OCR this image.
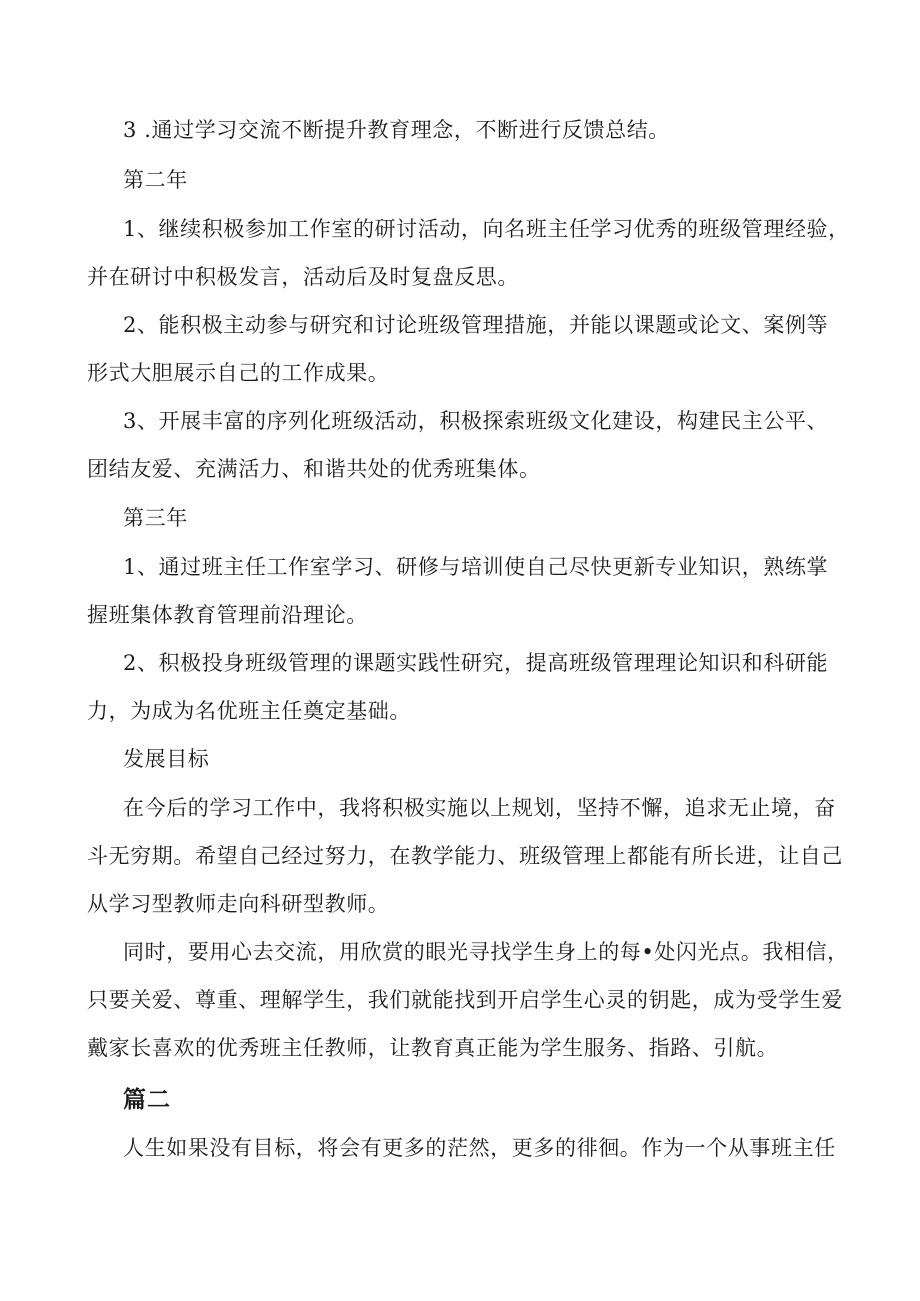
3 .通过学习交流不断提升教育理念，不断进行反馈总结。

第二年

1、继续积极参加工作室的研讨活动，向名班主任学习优秀的班级管理经验，
并在研讨中积极发言，活动后及时复盘反思。

2、能积极主动参与研究和讨论班级管理措施，并能以课题或论文、案例等
形式大胆展示自己的工作成果。

3、开展丰富的序列化班级活动，积极探索班级文化建设，构建民主公平、
团结友爱、充满活力、和谐共处的优秀班集体。

第三年

1、通过班主任工作室学习、研修与培训使自己尽快更新专业知识，熟练掌
握班集体教育管理前沿理论。

2、积极投身班级管理的课题实践性研究，提高班级管理理论知识和科研能
力，为成为名优班主任奠定基础。

发展目标

在今后的学习工作中，我将积极实施以上规划，坚持不懈，追求无止境，奋
斗无穷期。希望自己经过努力，在教学能力、班级管理上都能有所长进，让自己
从学习型教师走向科研型教师。

同时，要用心去交流，用欣赏的眼光寻找学生身上的每•处闪光点。我相信，
只要关爱、尊重、理解学生，我们就能找到开启学生心灵的钥匙，成为受学生爱
戴家长喜欢的优秀班主任教师，让教育真正能为学生服务、指路、引航。

篇二

人生如果没有目标，将会有更多的茫然，更多的徘徊。作为一个从事班主任
